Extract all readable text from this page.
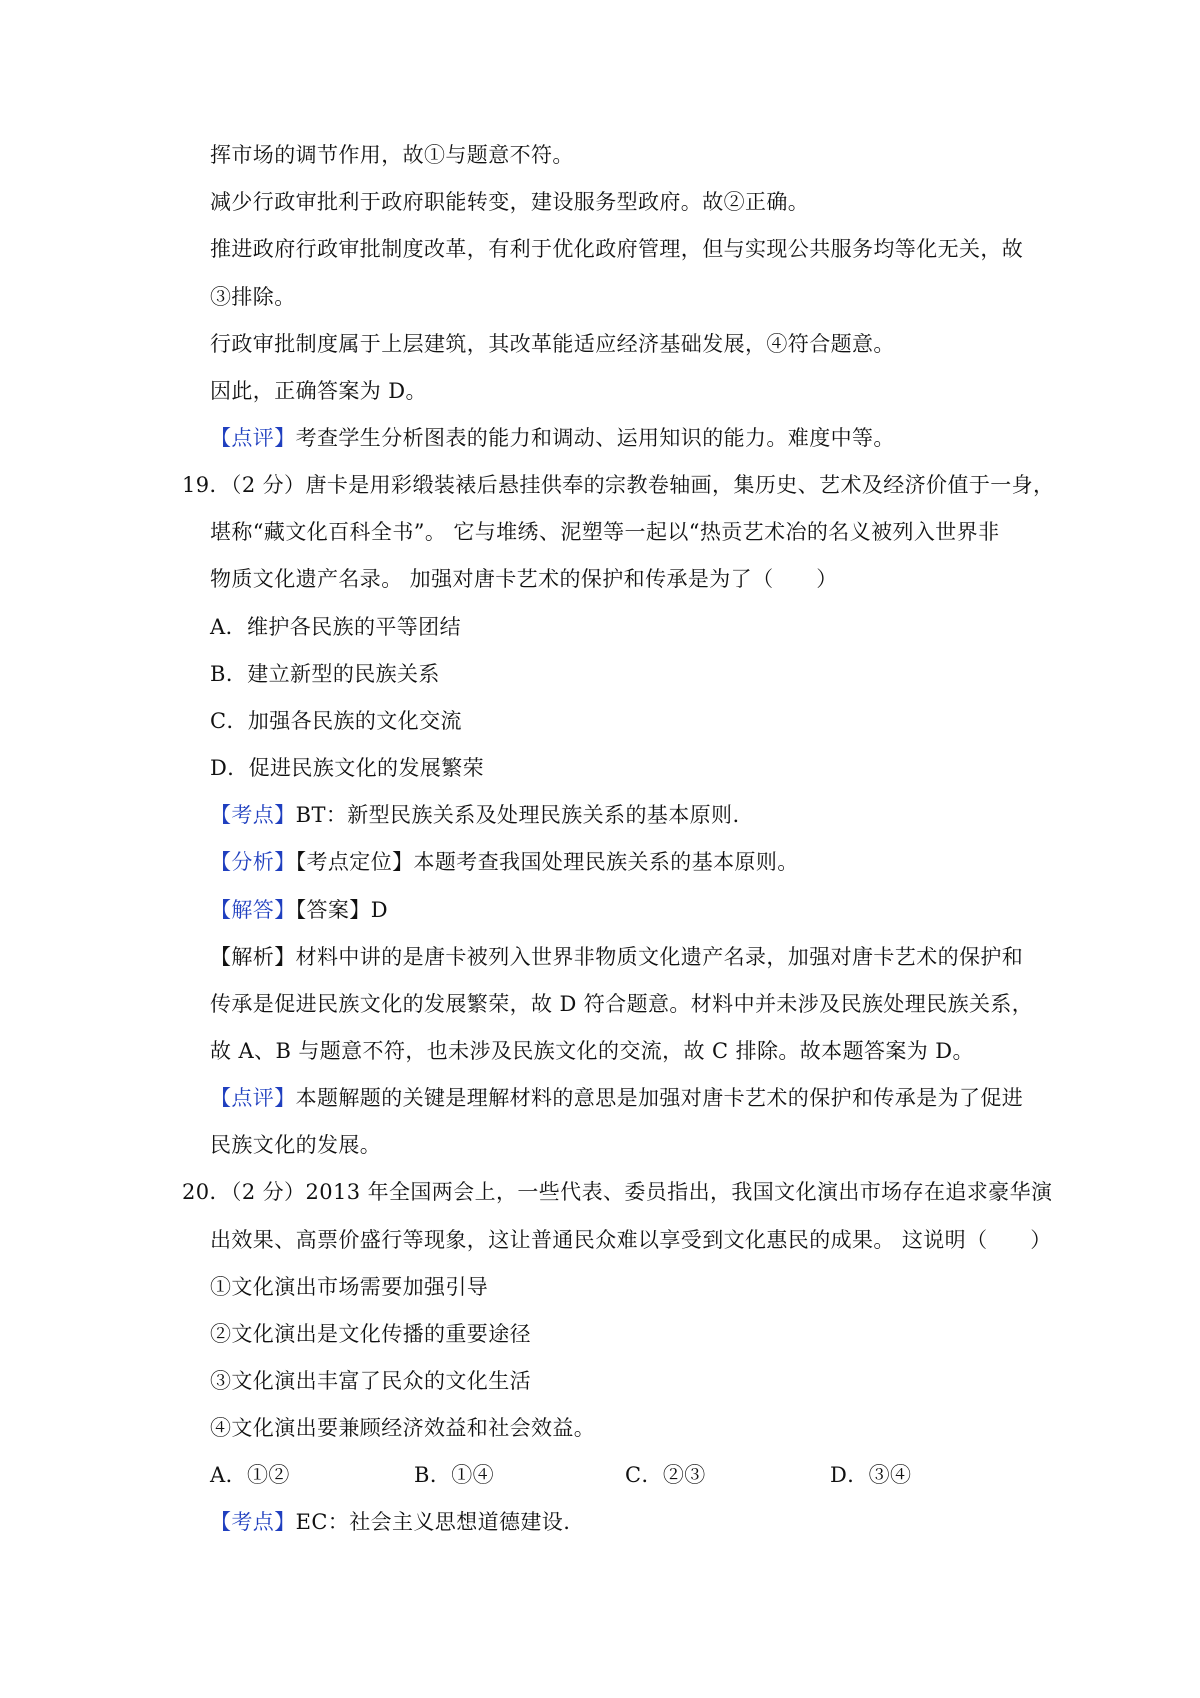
挥市场的调节作用，故①与题意不符。
减少行政审批利于政府职能转变，建设服务型政府。故②正确。
推进政府行政审批制度改革，有利于优化政府管理，但与实现公共服务均等化无关，故
③排除。
行政审批制度属于上层建筑，其改革能适应经济基础发展，④符合题意。
因此，正确答案为 D。
【点评】考查学生分析图表的能力和调动、运用知识的能力。难度中等。
19．（2 分）唐卡是用彩缎装裱后悬挂供奉的宗教卷轴画，集历史、艺术及经济价值于一身，
堪称“藏文化百科全书”。 它与堆绣、泥塑等一起以“热贡艺术冶的名义被列入世界非
物质文化遗产名录。 加强对唐卡艺术的保护和传承是为了（　　）
A．维护各民族的平等团结
B．建立新型的民族关系
C．加强各民族的文化交流
D．促进民族文化的发展繁荣
【考点】BT：新型民族关系及处理民族关系的基本原则.
【分析】【考点定位】本题考查我国处理民族关系的基本原则。
【解答】【答案】D
【解析】材料中讲的是唐卡被列入世界非物质文化遗产名录，加强对唐卡艺术的保护和
传承是促进民族文化的发展繁荣，故 D 符合题意。材料中并未涉及民族处理民族关系，
故 A、B 与题意不符，也未涉及民族文化的交流，故 C 排除。故本题答案为 D。
【点评】本题解题的关键是理解材料的意思是加强对唐卡艺术的保护和传承是为了促进
民族文化的发展。
20．（2 分）2013 年全国两会上，一些代表、委员指出，我国文化演出市场存在追求豪华演
出效果、高票价盛行等现象，这让普通民众难以享受到文化惠民的成果。 这说明（　　）
①文化演出市场需要加强引导
②文化演出是文化传播的重要途径
③文化演出丰富了民众的文化生活
④文化演出要兼顾经济效益和社会效益。
A．①②	B．①④	C．②③	D．③④
【考点】EC：社会主义思想道德建设.
